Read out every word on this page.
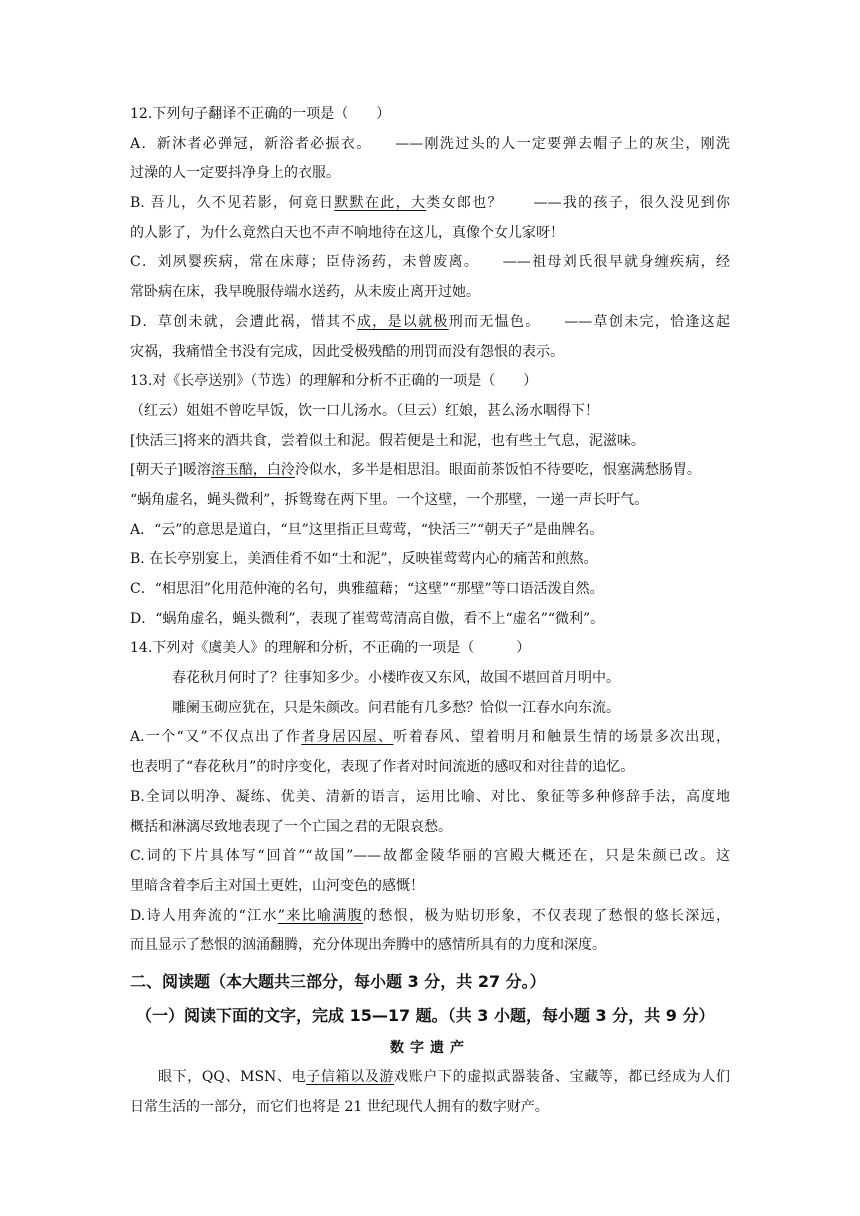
12.下列句子翻译不正确的一项是（　　）
A．新沐者必弹冠，新浴者必振衣。　　——刚洗过头的人一定要弹去帽子上的灰尘，刚洗
过澡的人一定要抖净身上的衣服。
B. 吾儿，久不见若影，何竟日默默在此，大类女郎也？　　——我的孩子，很久没见到你
的人影了，为什么竟然白天也不声不响地待在这儿，真像个女儿家呀！
C．刘夙婴疾病，常在床蓐；臣侍汤药，未曾废离。　　——祖母刘氏很早就身缠疾病，经
常卧病在床，我早晚服侍端水送药，从未废止离开过她。
D．草创未就，会遭此祸，惜其不成，是以就极刑而无愠色。　　——草创未完，恰逢这起
灾祸，我痛惜全书没有完成，因此受极残酷的刑罚而没有怨恨的表示。
13.对《长亭送别》（节选）的理解和分析不正确的一项是（　　）
（红云）姐姐不曾吃早饭，饮一口儿汤水。（旦云）红娘，甚么汤水咽得下！
[快活三]将来的酒共食，尝着似土和泥。假若便是土和泥，也有些土气息，泥滋味。
[朝天子]暖溶溶玉醅，白泠泠似水，多半是相思泪。眼面前茶饭怕不待要吃，恨塞满愁肠胃。
“蜗角虚名，蝇头微利”，拆鸳鸯在两下里。一个这壁，一个那壁，一递一声长吁气。
A．“云”的意思是道白，“旦”这里指正旦莺莺，“快活三”“朝天子”是曲牌名。
B. 在长亭别宴上，美酒佳肴不如“土和泥”，反映崔莺莺内心的痛苦和煎熬。
C．“相思泪”化用范仲淹的名句，典雅蕴藉；“这壁”“那壁”等口语活泼自然。
D．“蜗角虚名，蝇头微利”，表现了崔莺莺清高自傲，看不上“虚名”“微利”。
14.下列对《虞美人》的理解和分析，不正确的一项是（　　　）
春花秋月何时了？往事知多少。小楼昨夜又东风，故国不堪回首月明中。
雕阑玉砌应犹在，只是朱颜改。问君能有几多愁？恰似一江春水向东流。
A.一个“又”不仅点出了作者身居囚屋、听着春风、望着明月和触景生情的场景多次出现，
也表明了“春花秋月”的时序变化，表现了作者对时间流逝的感叹和对往昔的追忆。
B.全词以明净、凝练、优美、清新的语言，运用比喻、对比、象征等多种修辞手法，高度地
概括和淋漓尽致地表现了一个亡国之君的无限哀愁。
C.词的下片具体写“回首”“故国”——故都金陵华丽的宫殿大概还在，只是朱颜已改。这
里暗含着李后主对国土更姓，山河变色的感慨！
D.诗人用奔流的“江水”来比喻满腹的愁恨，极为贴切形象，不仅表现了愁恨的悠长深远，
而且显示了愁恨的汹涌翻腾，充分体现出奔腾中的感情所具有的力度和深度。
二、阅读题（本大题共三部分，每小题 3 分，共 27 分。）
（一）阅读下面的文字，完成 15—17 题。（共 3 小题，每小题 3 分，共 9 分）
数字遗产
眼下，QQ、MSN、电子信箱以及游戏账户下的虚拟武器装备、宝藏等，都已经成为人们
日常生活的一部分，而它们也将是 21 世纪现代人拥有的数字财产。
